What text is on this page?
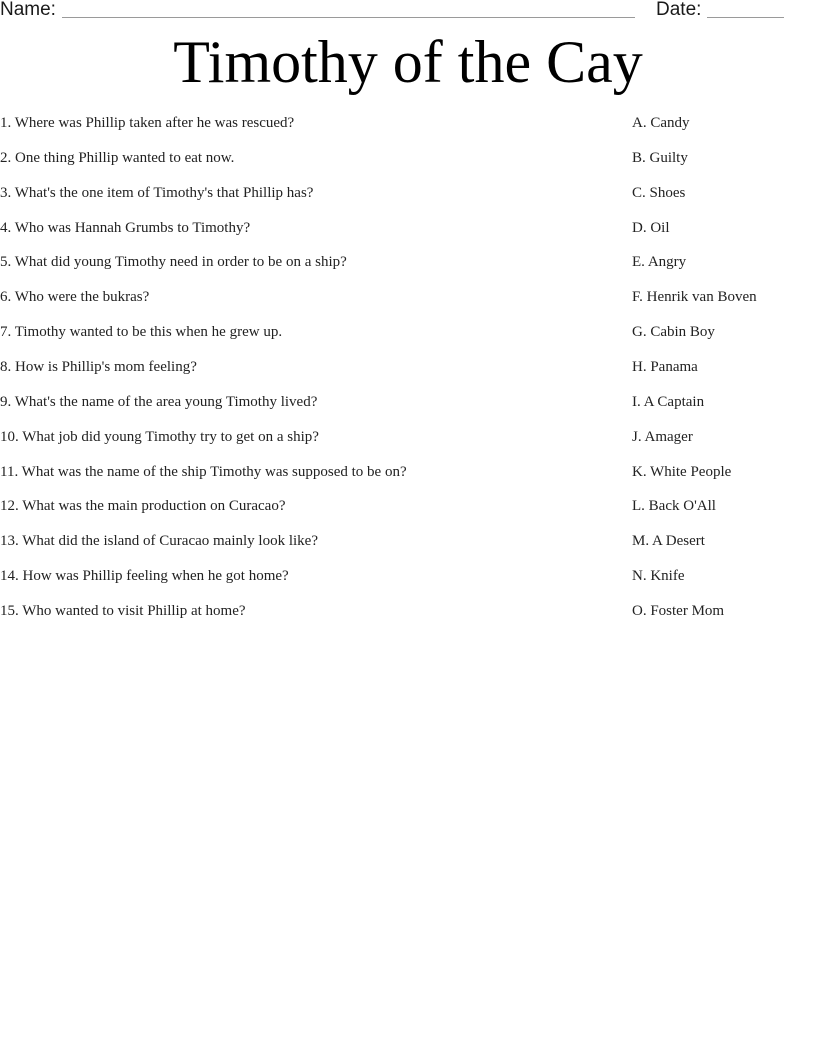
Name:	Date:
Timothy of the Cay
1. Where was Phillip taken after he was rescued?
2. One thing Phillip wanted to eat now.
3. What's the one item of Timothy's that Phillip has?
4. Who was Hannah Grumbs to Timothy?
5. What did young Timothy need in order to be on a ship?
6. Who were the bukras?
7. Timothy wanted to be this when he grew up.
8. How is Phillip's mom feeling?
9. What's the name of the area young Timothy lived?
10. What job did young Timothy try to get on a ship?
11. What was the name of the ship Timothy was supposed to be on?
12. What was the main production on Curacao?
13. What did the island of Curacao mainly look like?
14. How was Phillip feeling when he got home?
15. Who wanted to visit Phillip at home?
A. Candy
B. Guilty
C. Shoes
D. Oil
E. Angry
F. Henrik van Boven
G. Cabin Boy
H. Panama
I. A Captain
J. Amager
K. White People
L. Back O'All
M. A Desert
N. Knife
O. Foster Mom
